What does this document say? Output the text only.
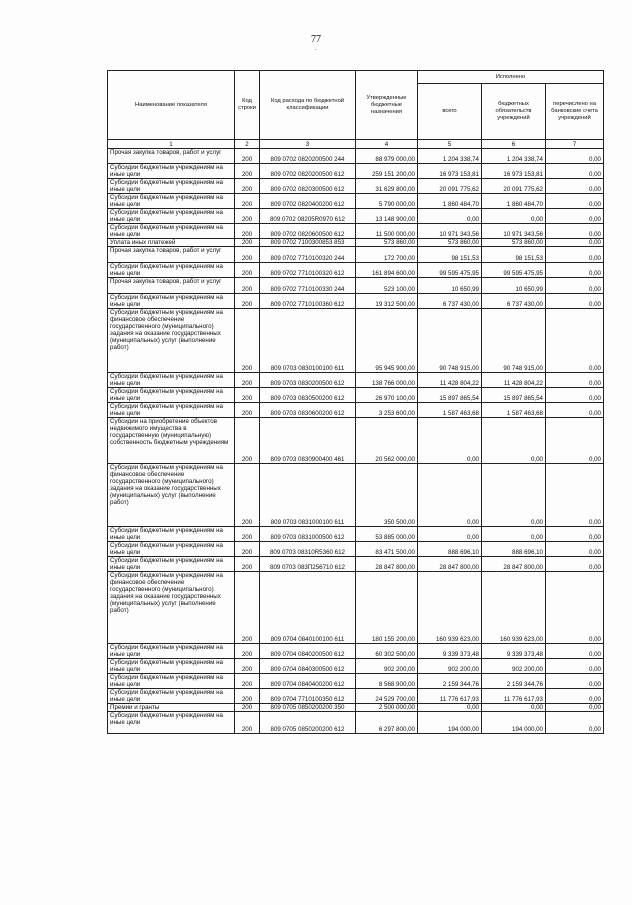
77
.
Наименование показателя	Код строки	Код расхода по бюджетной классификации	Утвержденные бюджетные назначения	Исполнено		
				всего	бюджетных обязательств учреждений	перечислено на банковские счета учреждений
1	2	3	4	5	6	7
Прочая закупка товаров, работ и услуг	200	809 0702 0820200500 244	88 979 000,00	1 204 338,74	1 204 338,74	0,00
Субсидии бюджетным учреждениям на иные цели	200	809 0702 0820200500 612	259 151 200,00	16 973 153,81	16 973 153,81	0,00
Субсидии бюджетным учреждениям на иные цели	200	809 0702 0820300500 612	31 629 800,00	20 091 775,62	20 091 775,62	0,00
Субсидии бюджетным учреждениям на иные цели	200	809 0702 0820400200 612	5 790 000,00	1 860 484,70	1 860 484,70	0,00
Субсидии бюджетным учреждениям на иные цели	200	809 0702 08205R0970 612	13 148 900,00	0,00	0,00	0,00
Субсидии бюджетным учреждениям на иные цели	200	809 0702 0820600500 612	11 500 000,00	10 971 343,56	10 971 343,56	0,00
Уплата иных платежей	200	809 0702 7100300853 853	573 860,00	573 860,00	573 860,00	0,00
Прочая закупка товаров, работ и услуг	200	809 0702 7710100320 244	172 700,00	98 151,53	98 151,53	0,00
Субсидии бюджетным учреждениям на иные цели	200	809 0702 7710100320 612	161 894 600,00	99 595 475,95	99 595 475,95	0,00
Прочая закупка товаров, работ и услуг	200	809 0702 7710100330 244	523 100,00	10 650,99	10 650,99	0,00
Субсидии бюджетным учреждениям на иные цели	200	809 0702 7710100360 612	19 312 500,00	6 737 430,00	6 737 430,00	0,00
Субсидии бюджетным учреждениям на финансовое обеспечение государственного (муниципального) задания на оказание государственных (муниципальных) услуг (выполнение работ)	200	809 0703 0830100100 611	95 945 900,00	90 748 915,00	90 748 915,00	0,00
Субсидии бюджетным учреждениям на иные цели	200	809 0703 0830200500 612	138 766 000,00	11 428 804,22	11 428 804,22	0,00
Субсидии бюджетным учреждениям на иные цели	200	809 0703 0830500200 612	26 970 100,00	15 897 865,54	15 897 865,54	0,00
Субсидии бюджетным учреждениям на иные цели	200	809 0703 0830600200 612	3 253 600,00	1 587 463,68	1 587 463,68	0,00
Субсидии на приобретение объектов недвижимого имущества в государственную (муниципальную) собственность бюджетным учреждениям	200	809 0703 0830900400 461	20 562 000,00	0,00	0,00	0,00
Субсидии бюджетным учреждениям на финансовое обеспечение государственного (муниципального) задания на оказание государственных (муниципальных) услуг (выполнение работ)	200	809 0703 0831000100 611	350 500,00	0,00	0,00	0,00
Субсидии бюджетным учреждениям на иные цели	200	809 0703 0831000500 612	53 885 000,00	0,00	0,00	0,00
Субсидии бюджетным учреждениям на иные цели	200	809 0703 08310R5360 612	83 471 500,00	888 696,10	888 696,10	0,00
Субсидии бюджетным учреждениям на иные цели	200	809 0703 083П256710 612	28 847 800,00	28 847 800,00	28 847 800,00	0,00
Субсидии бюджетным учреждениям на финансовое обеспечение государственного (муниципального) задания на оказание государственных (муниципальных) услуг (выполнение работ)	200	809 0704 0840100100 611	180 155 200,00	160 939 623,00	160 939 623,00	0,00
Субсидии бюджетным учреждениям на иные цели	200	809 0704 0840200500 612	60 302 500,00	9 339 373,48	9 339 373,48	0,00
Субсидии бюджетным учреждениям на иные цели	200	809 0704 0840300500 612	902 200,00	902 200,00	902 200,00	0,00
Субсидии бюджетным учреждениям на иные цели	200	809 0704 0840400200 612	8 568 900,00	2 159 344,76	2 159 344,76	0,00
Субсидии бюджетным учреждениям на иные цели	200	809 0704 7710100350 612	24 529 700,00	11 776 617,93	11 776 617,93	0,00
Премии и гранты	200	809 0705 0850200200 350	2 500 000,00	0,00	0,00	0,00
Субсидии бюджетным учреждениям на иные цели	200	809 0705 0850200200 612	6 297 800,00	194 000,00	194 000,00	0,00
